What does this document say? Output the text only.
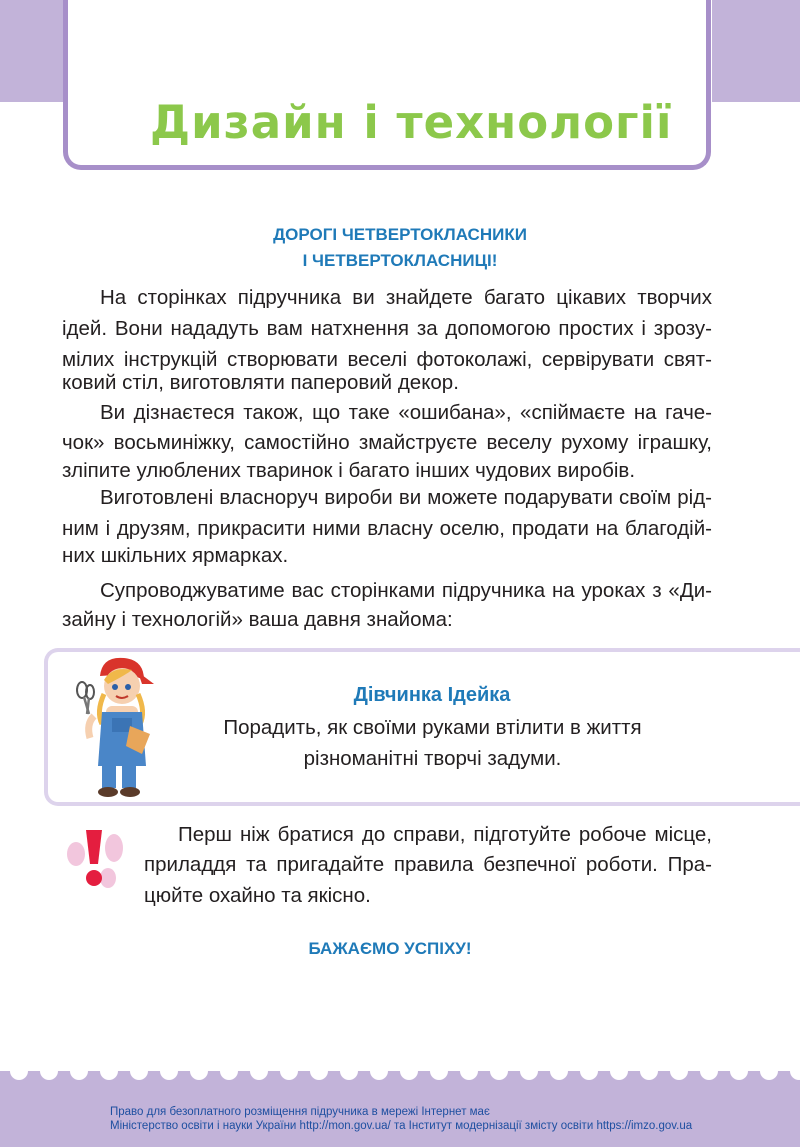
Дизайн і технології
ДОРОГІ ЧЕТВЕРТОКЛАСНИКИ
І ЧЕТВЕРТОКЛАСНИЦІ!
На сторінках підручника ви знайдете багато цікавих творчих
ідей. Вони нададуть вам натхнення за допомогою простих і зрозу-
мілих інструкцій створювати веселі фотоколажі, сервірувати свят-
ковий стіл, виготовляти паперовий декор.
Ви дізнаєтеся також, що таке «ошибана», «спіймаєте на гаче-
чок» восьминіжку, самостійно змайструєте веселу рухому іграшку,
зліпите улюблених тваринок і багато інших чудових виробів.
Виготовлені власноруч вироби ви можете подарувати своїм рід-
ним і друзям, прикрасити ними власну оселю, продати на благодій-
них шкільних ярмарках.
Супроводжуватиме вас сторінками підручника на уроках з «Ди-
зайну і технологій» ваша давня знайома:
Дівчинка Ідейка
Порадить, як своїми руками втілити в життя
різноманітні творчі задуми.
Перш ніж братися до справи, підготуйте робоче місце,
приладдя та пригадайте правила безпечної роботи. Пра-
цюйте охайно та якісно.
БАЖАЄМО УСПІХУ!
Право для безоплатного розміщення підручника в мережі Інтернет має
Міністерство освіти і науки України http://mon.gov.ua/ та Інститут модернізації змісту освіти https://imzo.gov.ua
